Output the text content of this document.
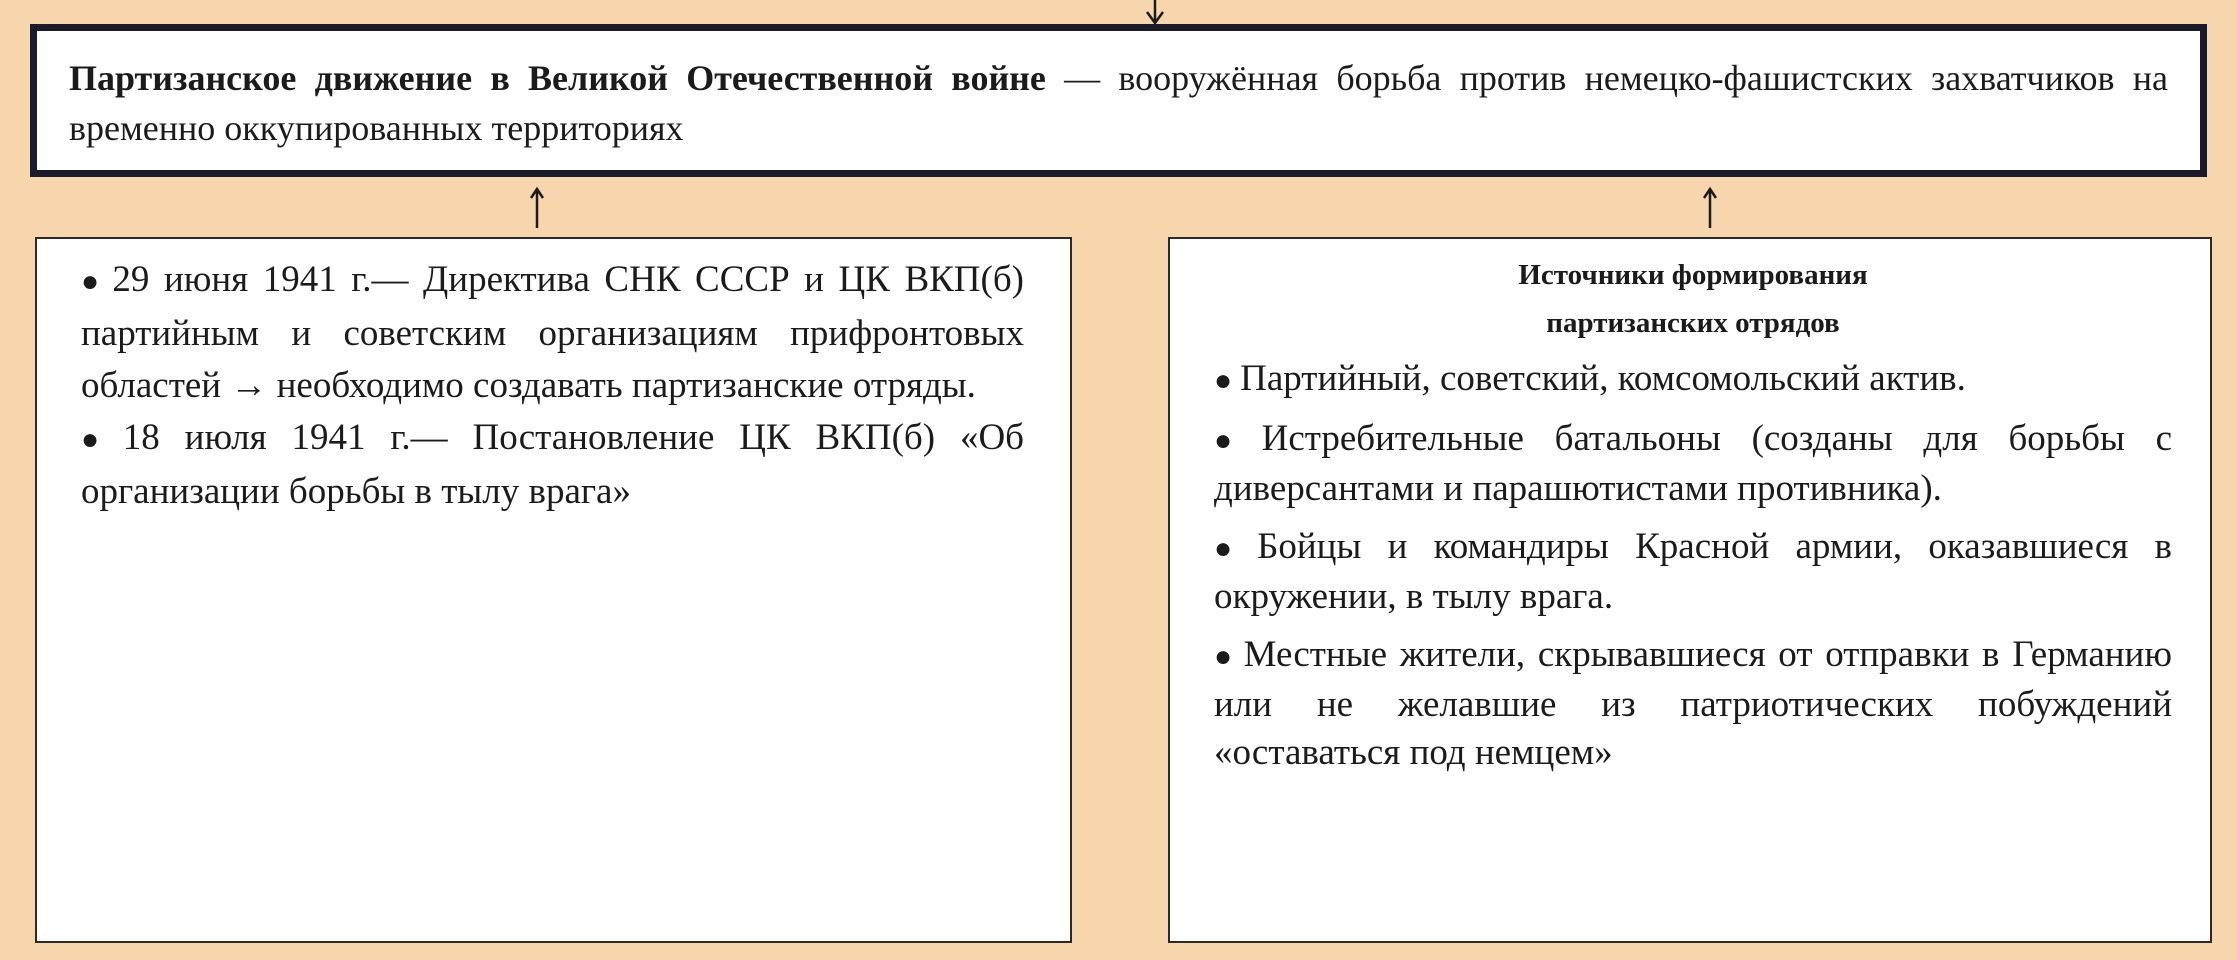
Партизанское движение в Великой Отечественной войне — вооружённая борьба против немецко-фашистских захватчиков на временно оккупированных территориях

● 29 июня 1941 г.— Директива СНК СССР и ЦК ВКП(б) партийным и советским организациям прифронтовых областей → необходимо создавать партизанские отряды.

● 18 июля 1941 г.— Постановление ЦК ВКП(б) «Об организации борьбы в тылу врага»

Источники формирования
партизанских отрядов

● Партийный, советский, комсомольский актив.

● Истребительные батальоны (созданы для борьбы с диверсантами и парашютистами противника).

● Бойцы и командиры Красной армии, оказавшиеся в окружении, в тылу врага.

● Местные жители, скрывавшиеся от отправки в Германию или не желавшие из патриотических побуждений «оставаться под немцем»
